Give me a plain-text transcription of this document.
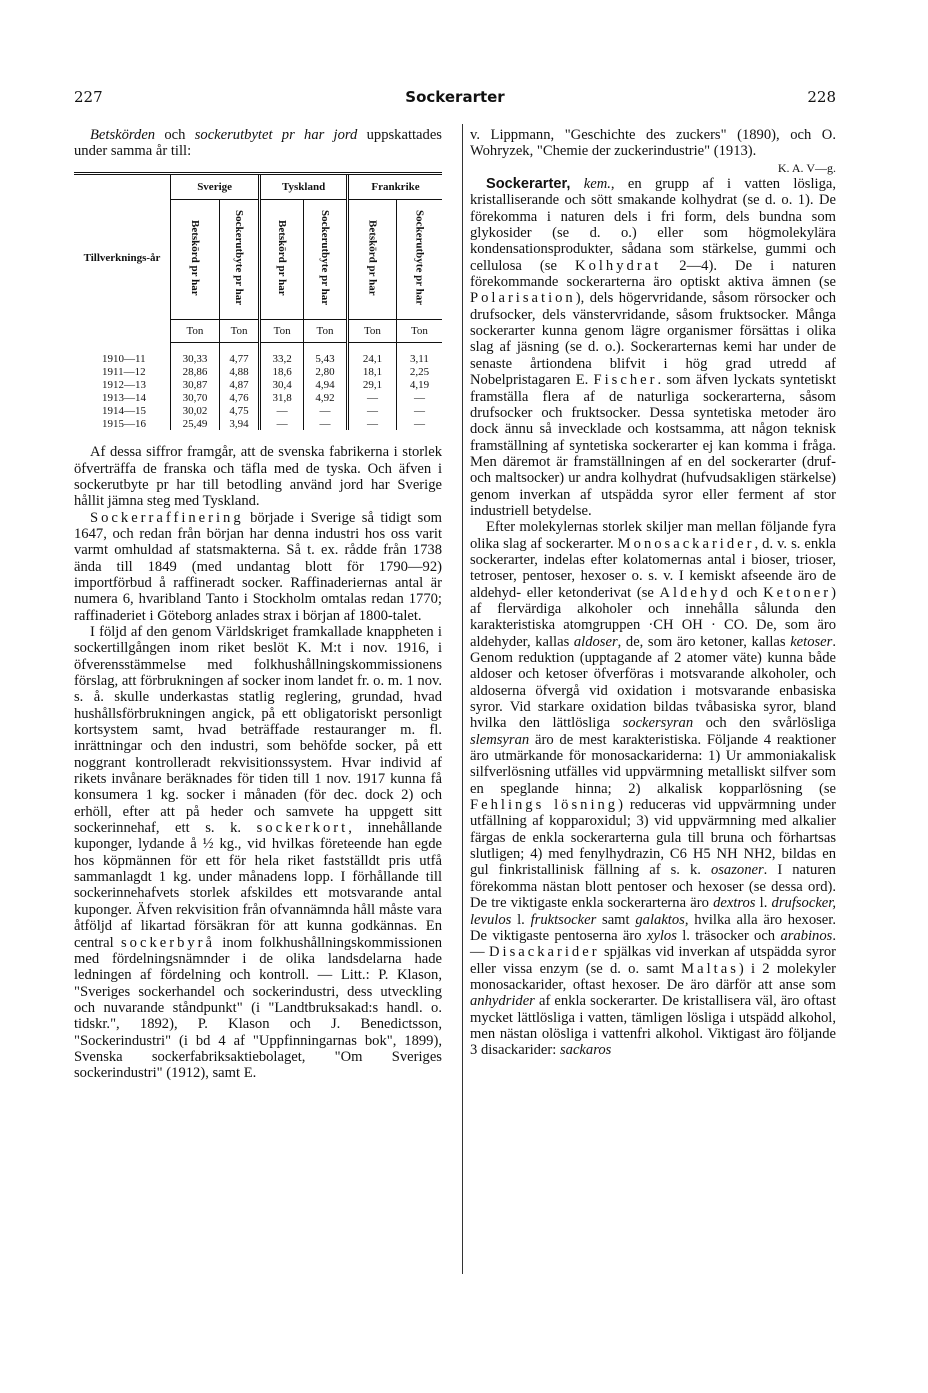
227	Sockerarter	228

Betskörden och sockerutbytet pr har jord uppskattades under samma år till:

Tillverknings-år	Sverige		Tyskland		Frankrike	
	Betskörd pr har	Sockerutbyte pr har	Betskörd pr har	Sockerutbyte pr har	Betskörd pr har	Sockerutbyte pr har
	Ton	Ton	Ton	Ton	Ton	Ton

1910—11	30,33	4,77	33,2	5,43	24,1	3,11
1911—12	28,86	4,88	18,6	2,80	18,1	2,25
1912—13	30,87	4,87	30,4	4,94	29,1	4,19
1913—14	30,70	4,76	31,8	4,92	—	—
1914—15	30,02	4,75	—	—	—	—
1915—16	25,49	3,94	—	—	—	—

Af dessa siffror framgår, att de svenska fabrikerna i storlek öfverträffa de franska och täfla med de tyska. Och äfven i sockerutbyte pr har till betodling använd jord har Sverige hållit jämna steg med Tyskland.

Sockerraffinering började i Sverige så tidigt som 1647, och redan från början har denna industri hos oss varit varmt omhuldad af statsmakterna. Så t. ex. rådde från 1738 ända till 1849 (med undantag blott för 1790—92) importförbud å raffineradt socker. Raffinaderiernas antal är numera 6, hvaribland Tanto i Stockholm omtalas redan 1770; raffinaderiet i Göteborg anlades strax i början af 1800-talet.

I följd af den genom Världskriget framkallade knappheten i sockertillgången inom riket beslöt K. M:t i nov. 1916, i öfverensstämmelse med folkhushållningskommissionens förslag, att förbrukningen af socker inom landet fr. o. m. 1 nov. s. å. skulle underkastas statlig reglering, grundad, hvad hushållsförbrukningen angick, på ett obligatoriskt personligt kortsystem samt, hvad beträffade restauranger m. fl. inrättningar och den industri, som behöfde socker, på ett noggrant kontrolleradt rekvisitionssystem. Hvar individ af rikets invånare beräknades för tiden till 1 nov. 1917 kunna få konsumera 1 kg. socker i månaden (för dec. dock 2) och erhöll, efter att på heder och samvete ha uppgett sitt sockerinnehaf, ett s. k. sockerkort, innehållande kuponger, lydande å ½ kg., vid hvilkas företeende han egde hos köpmännen för ett för hela riket fastställdt pris utfå sammanlagdt 1 kg. under månadens lopp. I förhållande till sockerinnehafvets storlek afskildes ett motsvarande antal kuponger. Äfven rekvisition från ofvannämnda håll måste vara åtföljd af likartad försäkran för att kunna godkännas. En central sockerbyrå inom folkhushållningskommissionen med fördelningsnämnder i de olika landsdelarna hade ledningen af fördelning och kontroll. — Litt.: P. Klason, "Sveriges sockerhandel och sockerindustri, dess utveckling och nuvarande ståndpunkt" (i "Landtbruksakad:s handl. o. tidskr.", 1892), P. Klason och J. Benedictsson, "Sockerindustri" (i bd 4 af "Uppfinningarnas bok", 1899), Svenska sockerfabriksaktiebolaget, "Om Sveriges sockerindustri" (1912), samt E.

v. Lippmann, "Geschichte des zuckers" (1890), och O. Wohryzek, "Chemie der zuckerindustrie" (1913).

K. A. V—g.

Sockerarter, kem., en grupp af i vatten lösliga, kristalliserande och sött smakande kolhydrat (se d. o. 1). De förekomma i naturen dels i fri form, dels bundna som glykosider (se d. o.) eller som högmolekylära kondensationsprodukter, sådana som stärkelse, gummi och cellulosa (se Kolhydrat 2—4). De i naturen förekommande sockerarterna äro optiskt aktiva ämnen (se Polarisation), dels högervridande, såsom rörsocker och drufsocker, dels vänstervridande, såsom fruktsocker. Många sockerarter kunna genom lägre organismer försättas i olika slag af jäsning (se d. o.). Sockerarternas kemi har under de senaste årtiondena blifvit i hög grad utredd af Nobelpristagaren E. Fischer. som äfven lyckats syntetiskt framställa flera af de naturliga sockerarterna, såsom drufsocker och fruktsocker. Dessa syntetiska metoder äro dock ännu så invecklade och kostsamma, att någon teknisk framställning af syntetiska sockerarter ej kan komma i fråga. Men däremot är framställningen af en del sockerarter (druf- och maltsocker) ur andra kolhydrat (hufvudsakligen stärkelse) genom inverkan af utspädda syror eller ferment af stor industriell betydelse.

Efter molekylernas storlek skiljer man mellan följande fyra olika slag af sockerarter. Monosackarider, d. v. s. enkla sockerarter, indelas efter kolatomernas antal i bioser, trioser, tetroser, pentoser, hexoser o. s. v. I kemiskt afseende äro de aldehyd- eller ketonderivat (se Aldehyd och Ketoner) af flervärdiga alkoholer och innehålla sålunda den karakteristiska atomgruppen ·CH OH · CO. De, som äro aldehyder, kallas aldoser, de, som äro ketoner, kallas ketoser. Genom reduktion (upptagande af 2 atomer väte) kunna både aldoser och ketoser öfverföras i motsvarande alkoholer, och aldoserna öfvergå vid oxidation i motsvarande enbasiska syror. Vid starkare oxidation bildas tvåbasiska syror, bland hvilka den lättlösliga sockersyran och den svårlösliga slemsyran äro de mest karakteristiska. Följande 4 reaktioner äro utmärkande för monosackariderna: 1) Ur ammoniakalisk silfverlösning utfälles vid uppvärmning metalliskt silfver som en speglande hinna; 2) alkalisk kopparlösning (se Fehlings lösning) reduceras vid uppvärmning under utfällning af kopparoxidul; 3) vid uppvärmning med alkalier färgas de enkla sockerarterna gula till bruna och förhartsas slutligen; 4) med fenylhydrazin, C6 H5 NH NH2, bildas en gul finkristallinisk fällning af s. k. osazoner. I naturen förekomma nästan blott pentoser och hexoser (se dessa ord). De tre viktigaste enkla sockerarterna äro dextros l. drufsocker, levulos l. fruktsocker samt galaktos, hvilka alla äro hexoser. De viktigaste pentoserna äro xylos l. träsocker och arabinos. — Disackarider spjälkas vid inverkan af utspädda syror eller vissa enzym (se d. o. samt Maltas) i 2 molekyler monosackarider, oftast hexoser. De äro därför att anse som anhydrider af enkla sockerarter. De kristallisera väl, äro oftast mycket lättlösliga i vatten, tämligen lösliga i utspädd alkohol, men nästan olösliga i vattenfri alkohol. Viktigast äro följande 3 disackarider: sackaros
